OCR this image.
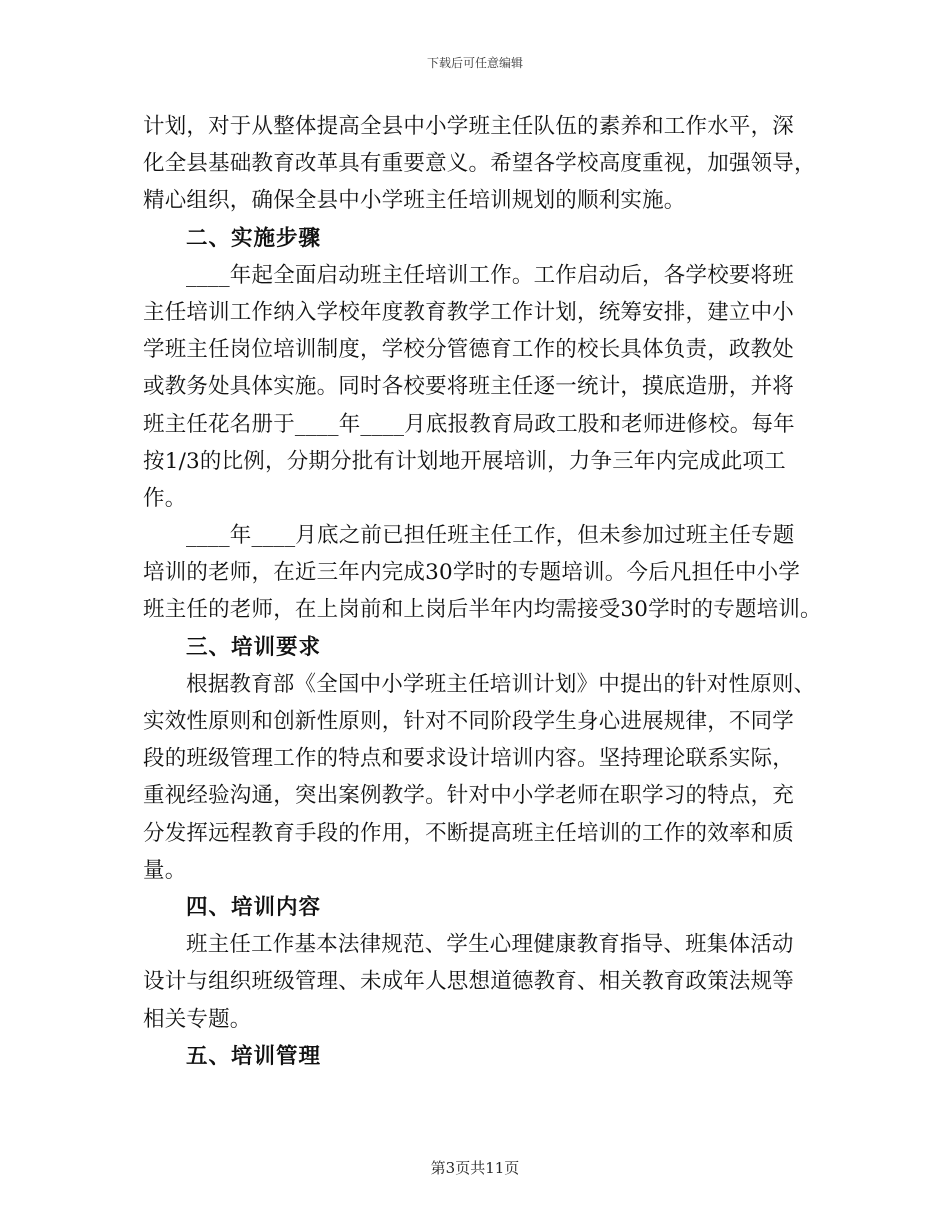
下载后可任意编辑
计划，对于从整体提高全县中小学班主任队伍的素养和工作水平，深
化全县基础教育改革具有重要意义。希望各学校高度重视，加强领导，
精心组织，确保全县中小学班主任培训规划的顺利实施。
二、实施步骤
____年起全面启动班主任培训工作。工作启动后，各学校要将班
主任培训工作纳入学校年度教育教学工作计划，统筹安排，建立中小
学班主任岗位培训制度，学校分管德育工作的校长具体负责，政教处
或教务处具体实施。同时各校要将班主任逐一统计，摸底造册，并将
班主任花名册于____年____月底报教育局政工股和老师进修校。每年
按1/3的比例，分期分批有计划地开展培训，力争三年内完成此项工
作。
____年____月底之前已担任班主任工作，但未参加过班主任专题
培训的老师，在近三年内完成30学时的专题培训。今后凡担任中小学
班主任的老师，在上岗前和上岗后半年内均需接受30学时的专题培训。
三、培训要求
根据教育部《全国中小学班主任培训计划》中提出的针对性原则、
实效性原则和创新性原则，针对不同阶段学生身心进展规律，不同学
段的班级管理工作的特点和要求设计培训内容。坚持理论联系实际，
重视经验沟通，突出案例教学。针对中小学老师在职学习的特点，充
分发挥远程教育手段的作用，不断提高班主任培训的工作的效率和质
量。
四、培训内容
班主任工作基本法律规范、学生心理健康教育指导、班集体活动
设计与组织班级管理、未成年人思想道德教育、相关教育政策法规等
相关专题。
五、培训管理
第3页共11页
